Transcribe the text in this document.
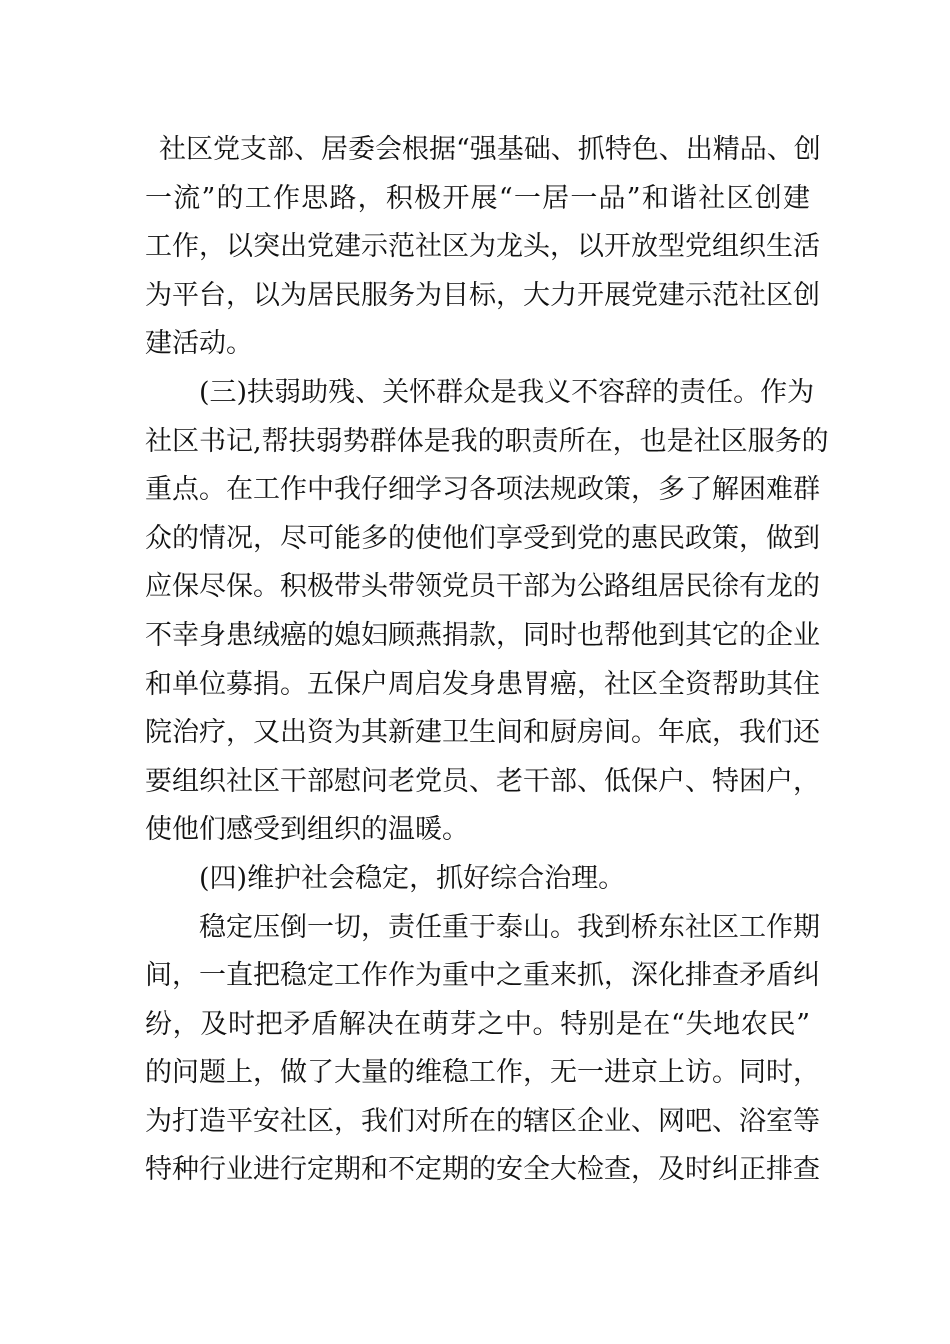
社区党支部、居委会根据“强基础、抓特色、出精品、创
一流”的工作思路，积极开展“一居一品”和谐社区创建
工作，以突出党建示范社区为龙头，以开放型党组织生活
为平台，以为居民服务为目标，大力开展党建示范社区创
建活动。
(三)扶弱助残、关怀群众是我义不容辞的责任。作为
社区书记,帮扶弱势群体是我的职责所在，也是社区服务的
重点。在工作中我仔细学习各项法规政策，多了解困难群
众的情况，尽可能多的使他们享受到党的惠民政策，做到
应保尽保。积极带头带领党员干部为公路组居民徐有龙的
不幸身患绒癌的媳妇顾燕捐款，同时也帮他到其它的企业
和单位募捐。五保户周启发身患胃癌，社区全资帮助其住
院治疗，又出资为其新建卫生间和厨房间。年底，我们还
要组织社区干部慰问老党员、老干部、低保户、特困户，
使他们感受到组织的温暖。
(四)维护社会稳定，抓好综合治理。
稳定压倒一切，责任重于泰山。我到桥东社区工作期
间，一直把稳定工作作为重中之重来抓，深化排查矛盾纠
纷，及时把矛盾解决在萌芽之中。特别是在“失地农民”
的问题上，做了大量的维稳工作，无一进京上访。同时，
为打造平安社区，我们对所在的辖区企业、网吧、浴室等
特种行业进行定期和不定期的安全大检查，及时纠正排查
